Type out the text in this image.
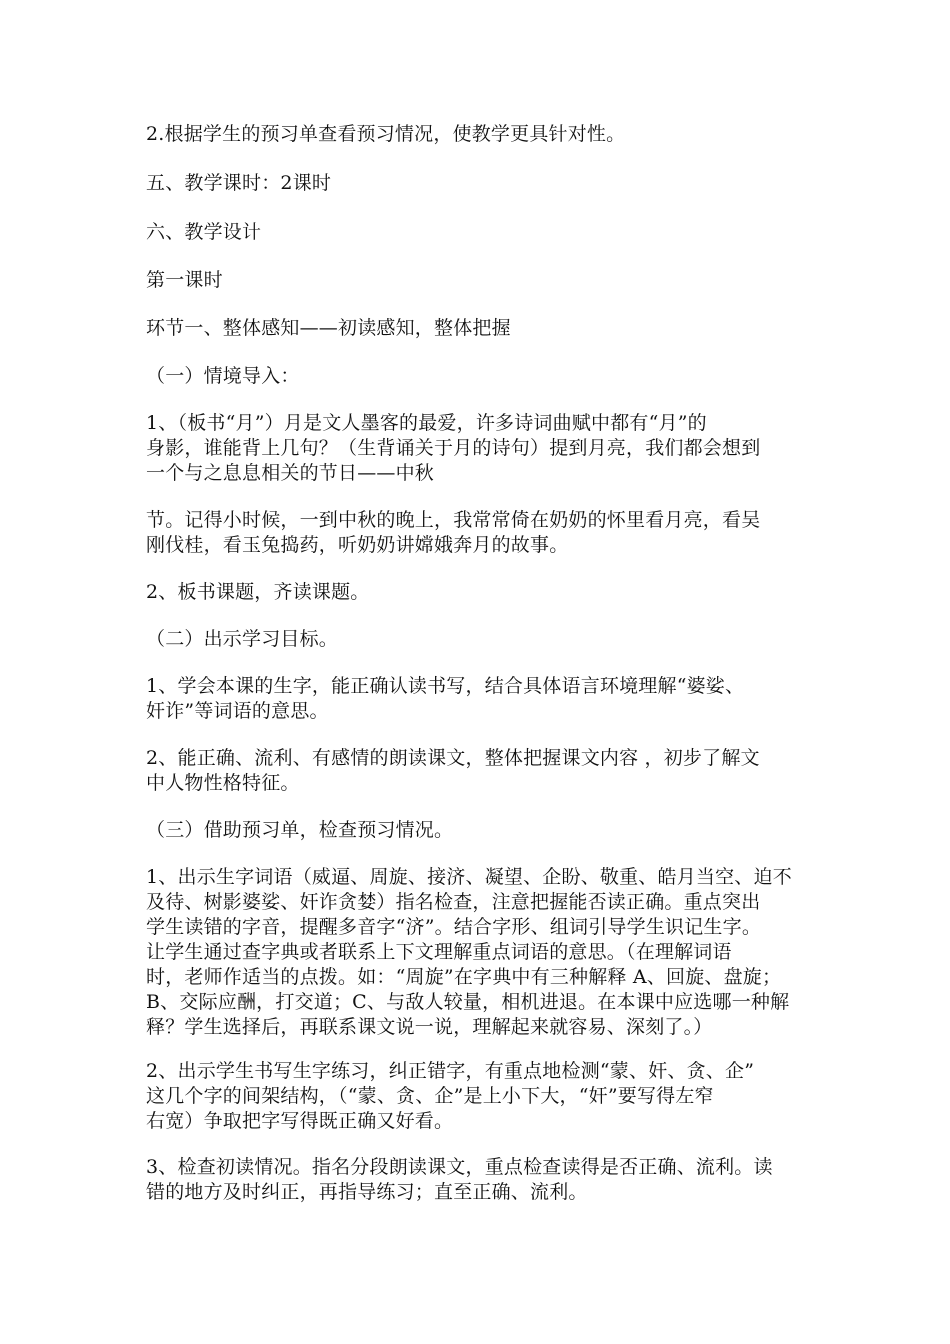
2.根据学生的预习单查看预习情况，使教学更具针对性。
五、教学课时：2课时
六、教学设计
第一课时
环节一、整体感知——初读感知，整体把握
（一）情境导入：
1、（板书“月”）月是文人墨客的最爱，许多诗词曲赋中都有“月”的
身影，谁能背上几句？（生背诵关于月的诗句）提到月亮，我们都会想到
一个与之息息相关的节日——中秋
节。记得小时候，一到中秋的晚上，我常常倚在奶奶的怀里看月亮，看吴
刚伐桂，看玉兔捣药，听奶奶讲嫦娥奔月的故事。
2、板书课题，齐读课题。
（二）出示学习目标。
1、学会本课的生字，能正确认读书写，结合具体语言环境理解“婆娑、
奸诈”等词语的意思。
2、能正确、流利、有感情的朗读课文，整体把握课文内容 ，初步了解文
中人物性格特征。
（三）借助预习单，检查预习情况。
1、出示生字词语（威逼、周旋、接济、凝望、企盼、敬重、皓月当空、迫不
及待、树影婆娑、奸诈贪婪）指名检查，注意把握能否读正确。重点突出
学生读错的字音，提醒多音字“济”。结合字形、组词引导学生识记生字。
让学生通过查字典或者联系上下文理解重点词语的意思。（在理解词语
时，老师作适当的点拨。如：“周旋”在字典中有三种解释 A、回旋、盘旋；
B、交际应酬，打交道；C、与敌人较量，相机进退。在本课中应选哪一种解
释？学生选择后，再联系课文说一说，理解起来就容易、深刻了。）
2、出示学生书写生字练习，纠正错字，有重点地检测“蒙、奸、贪、企”
这几个字的间架结构，（“蒙、贪、企”是上小下大，“奸”要写得左窄
右宽）争取把字写得既正确又好看。
3、检查初读情况。指名分段朗读课文，重点检查读得是否正确、流利。读
错的地方及时纠正，再指导练习；直至正确、流利。
